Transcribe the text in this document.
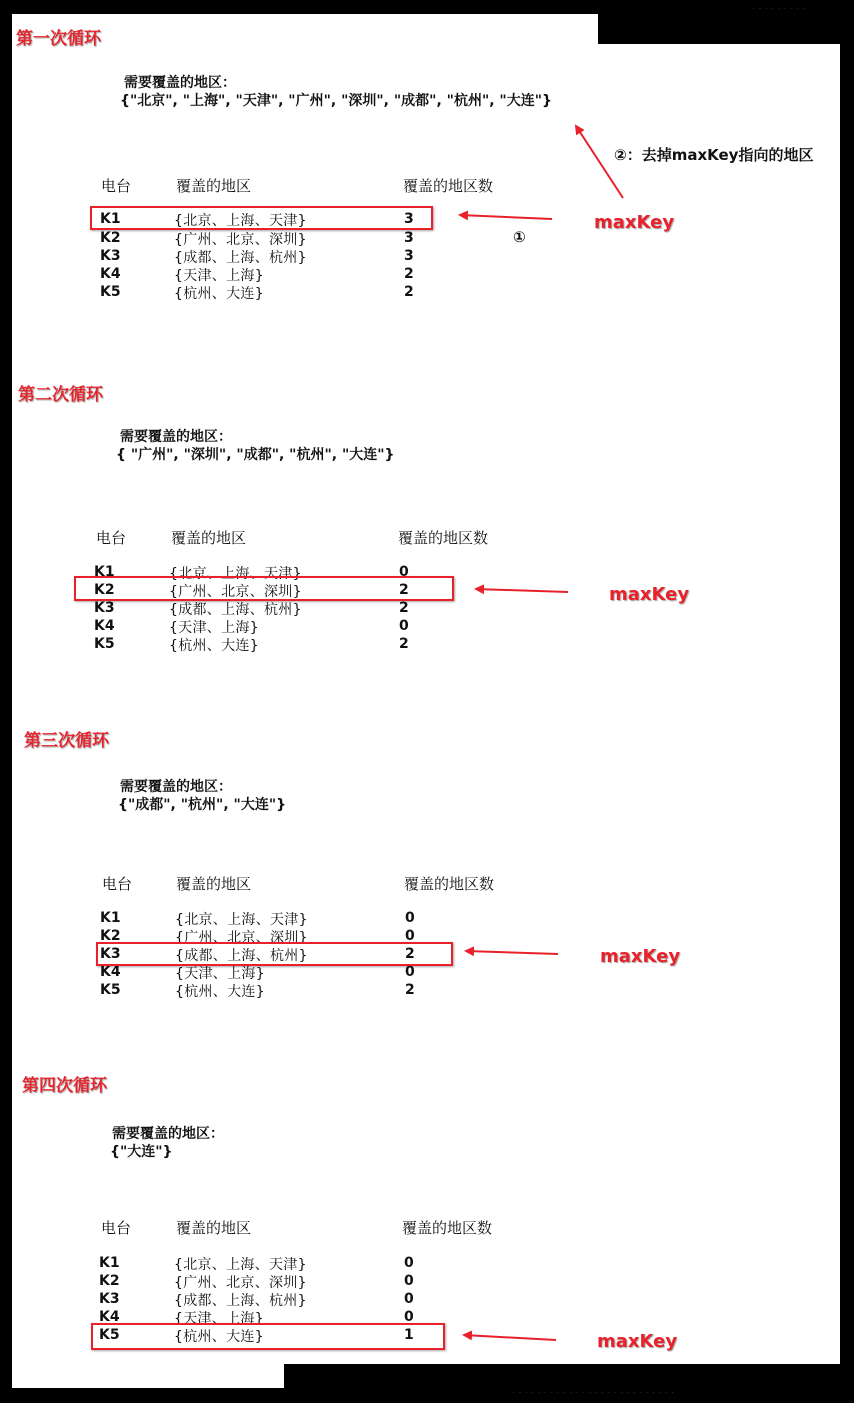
· · · · · · · · ·
· · · · · · · · · · · · · · · · · · · · · · · · · ·
第一次循环
需要覆盖的地区：
{"北京", "上海", "天津", "广州", "深圳", "成都", "杭州", "大连"}
电台	覆盖的地区	覆盖的地区数
K1	{北京、上海、天津}	3
K2	{广州、北京、深圳}	3
K3	{成都、上海、杭州}	3
K4	{天津、上海}	2
K5	{杭州、大连}	2
maxKey
①
②：去掉maxKey指向的地区
第二次循环
需要覆盖的地区：
{ "广州", "深圳", "成都", "杭州", "大连"}
电台	覆盖的地区	覆盖的地区数
K1	{北京、上海、天津}	0
K2	{广州、北京、深圳}	2
K3	{成都、上海、杭州}	2
K4	{天津、上海}	0
K5	{杭州、大连}	2
maxKey
第三次循环
需要覆盖的地区：
{"成都", "杭州", "大连"}
电台	覆盖的地区	覆盖的地区数
K1	{北京、上海、天津}	0
K2	{广州、北京、深圳}	0
K3	{成都、上海、杭州}	2
K4	{天津、上海}	0
K5	{杭州、大连}	2
maxKey
第四次循环
需要覆盖的地区：
{"大连"}
电台	覆盖的地区	覆盖的地区数
K1	{北京、上海、天津}	0
K2	{广州、北京、深圳}	0
K3	{成都、上海、杭州}	0
K4	{天津、上海}	0
K5	{杭州、大连}	1	maxKey
